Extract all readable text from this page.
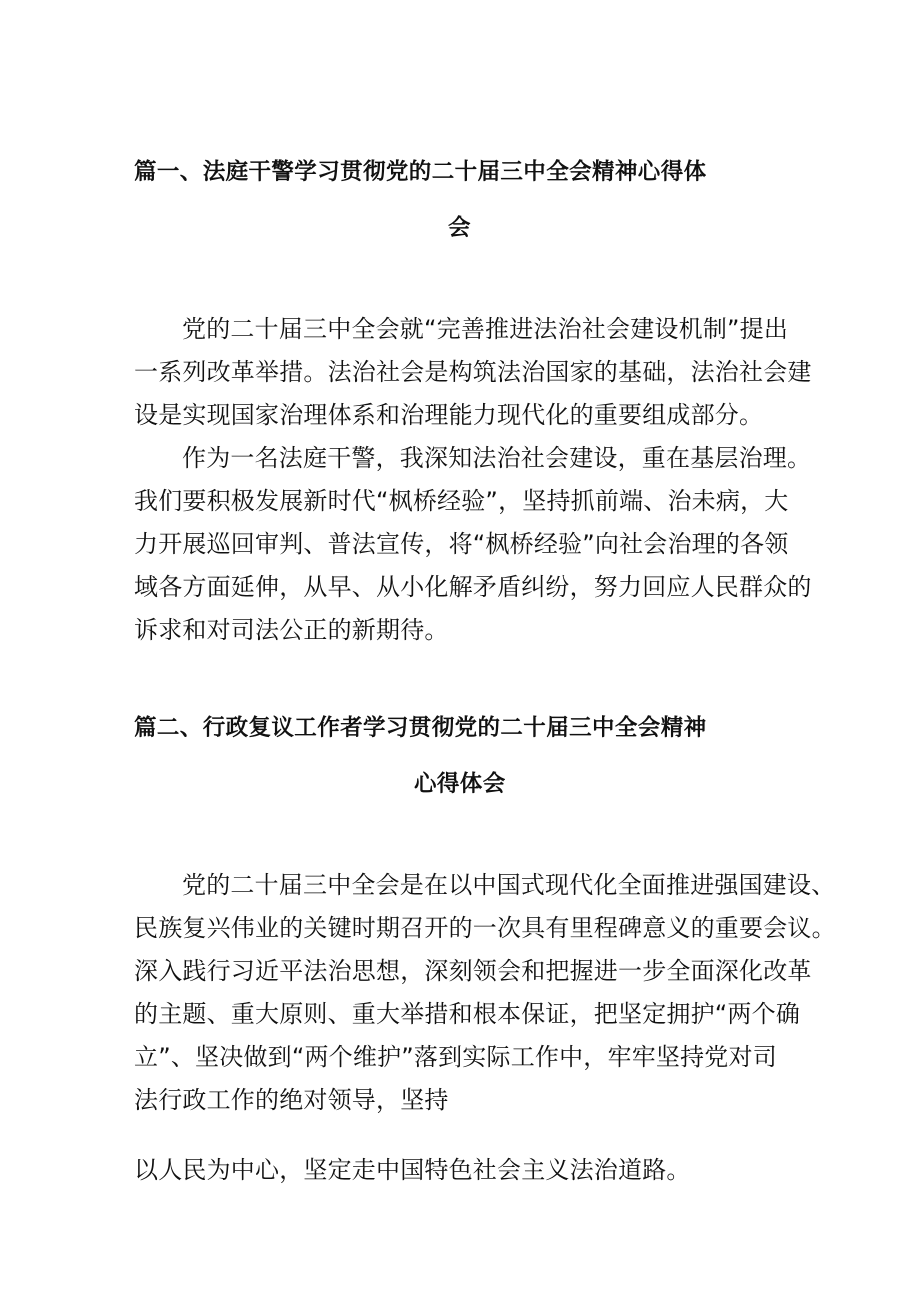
篇一、法庭干警学习贯彻党的二十届三中全会精神心得体
会
党的二十届三中全会就“完善推进法治社会建设机制”提出
一系列改革举措。法治社会是构筑法治国家的基础，法治社会建
设是实现国家治理体系和治理能力现代化的重要组成部分。
作为一名法庭干警，我深知法治社会建设，重在基层治理。
我们要积极发展新时代“枫桥经验”，坚持抓前端、治未病，大
力开展巡回审判、普法宣传，将“枫桥经验”向社会治理的各领
域各方面延伸，从早、从小化解矛盾纠纷，努力回应人民群众的
诉求和对司法公正的新期待。
篇二、行政复议工作者学习贯彻党的二十届三中全会精神
心得体会
党的二十届三中全会是在以中国式现代化全面推进强国建设、
民族复兴伟业的关键时期召开的一次具有里程碑意义的重要会议。
深入践行习近平法治思想，深刻领会和把握进一步全面深化改革
的主题、重大原则、重大举措和根本保证，把坚定拥护“两个确
立”、坚决做到“两个维护”落到实际工作中，牢牢坚持党对司
法行政工作的绝对领导，坚持
以人民为中心，坚定走中国特色社会主义法治道路。
